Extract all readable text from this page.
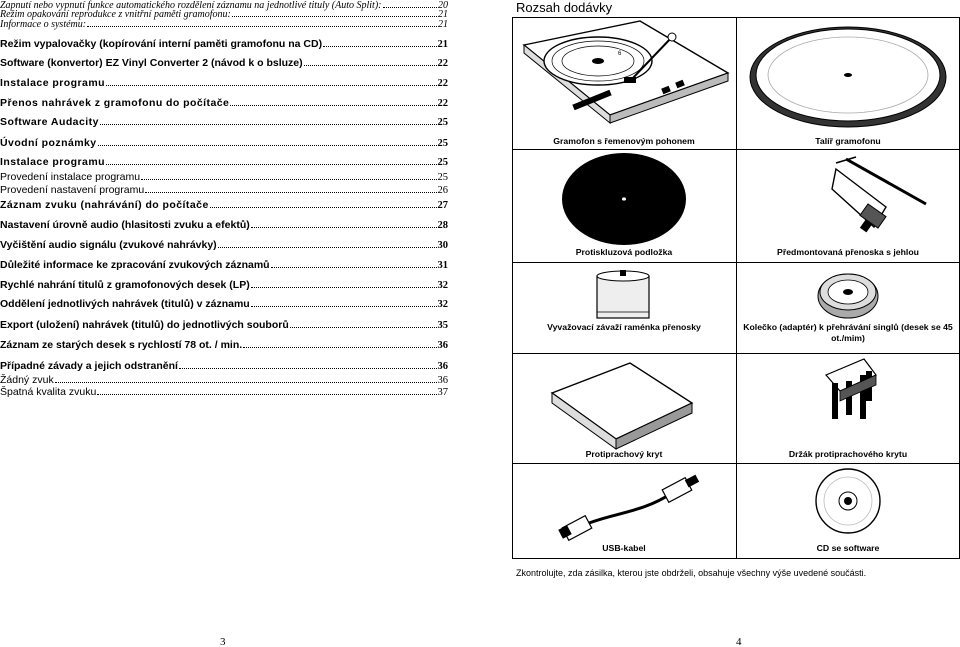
Zapnutí nebo vypnutí funkce automatického rozdělení záznamu na jednotlivé tituly (Auto Split):	20
Režim opakování reprodukce z vnitřní paměti gramofonu:	21
Informace o systému:	21
Režim vypalovačky (kopírování interní paměti gramofonu na CD)	21
Software (konvertor) EZ Vinyl Converter 2 (návod k o bsluze)	22
Instalace programu	22
Přenos nahrávek z gramofonu do počítače	22
Software Audacity	25
Úvodní poznámky	25
Instalace programu	25
Provedení instalace programu	25
Provedení nastavení programu	26
Záznam zvuku (nahrávání) do počítače	27
Nastavení úrovně audio (hlasitosti zvuku a efektů)	28
Vyčištění audio signálu (zvukové nahrávky)	30
Důležité informace ke zpracování zvukových záznamů	31
Rychlé nahrání titulů z gramofonových desek (LP)	32
Oddělení jednotlivých nahrávek (titulů) v záznamu	32
Export (uložení) nahrávek (titulů) do jednotlivých souborů	35
Záznam ze starých desek s rychlostí 78 ot. / min.	36
Případné závady a jejich odstranění	36
Žádný zvuk	36
Špatná kvalita zvuku	37
3
Rozsah dodávky
6
Gramofon s řemenovým pohonem	Talíř gramofonu
Protiskluzová podložka	Předmontovaná přenoska s jehlou
Vyvažovací závaží raménka přenosky	Kolečko (adaptér) k přehrávání singlů (desek se 45 ot./mim)
Protiprachový kryt	Držák protiprachového krytu
USB-kabel	CD se software
Zkontrolujte, zda zásilka, kterou jste obdrželi, obsahuje všechny výše uvedené součásti.
4
